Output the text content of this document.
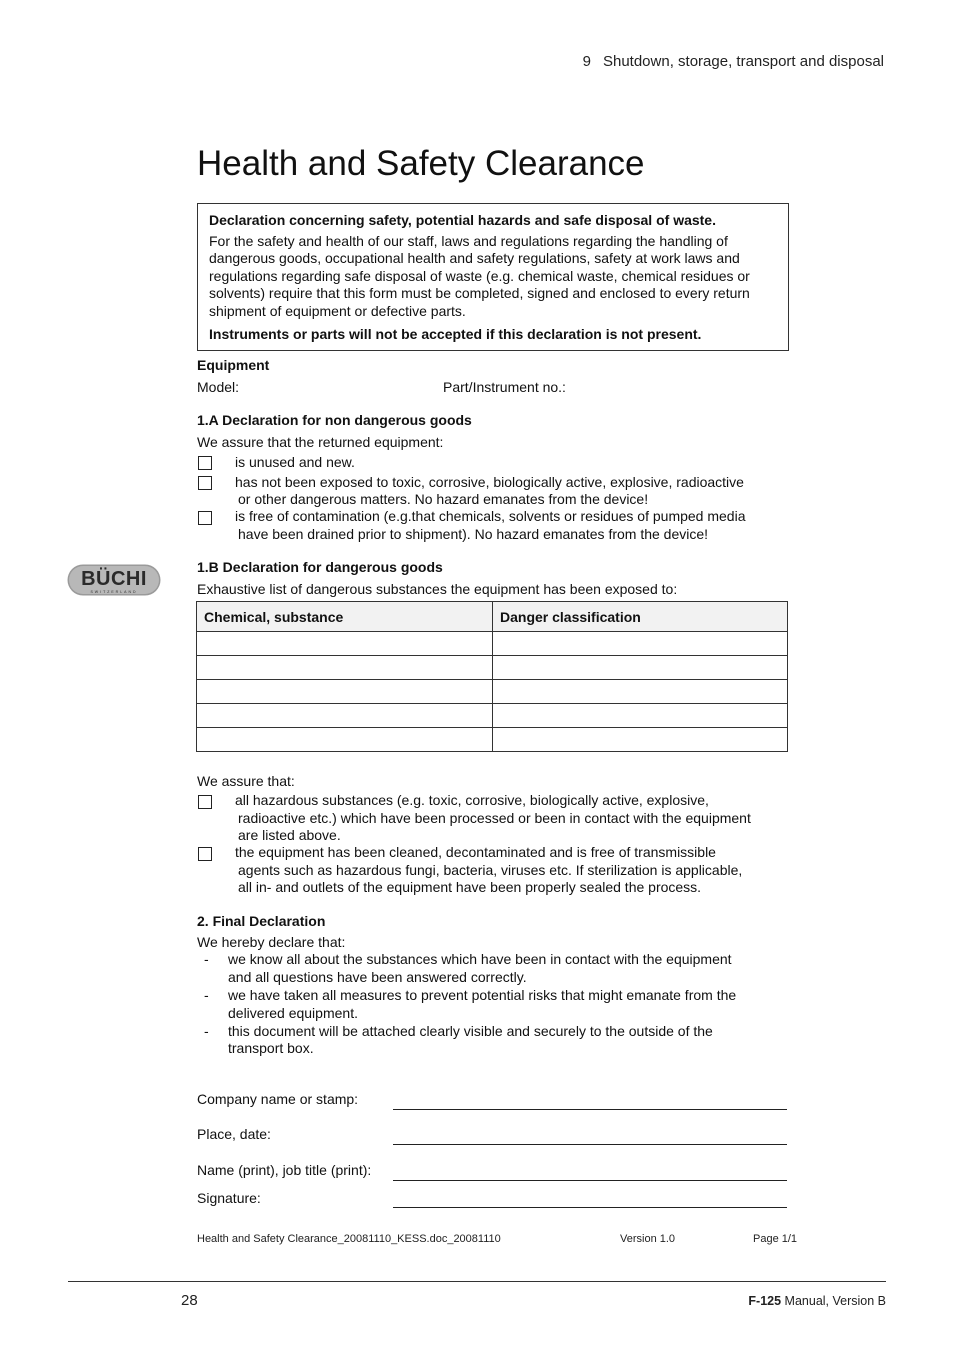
9 Shutdown, storage, transport and disposal
Health and Safety Clearance

Declaration concerning safety, potential hazards and safe disposal of waste.

For the safety and health of our staff, laws and regulations regarding the handling of dangerous goods, occupational health and safety regulations, safety at work laws and regulations regarding safe disposal of waste (e.g. chemical waste, chemical residues or solvents) require that this form must be completed, signed and enclosed to every return shipment of equipment or defective parts.

Instruments or parts will not be accepted if this declaration is not present.

Equipment
Model:	Part/Instrument no.:
1.A Declaration for non dangerous goods
We assure that the returned equipment:
is unused and new.
has not been exposed to toxic, corrosive, biologically active, explosive, radioactive
or other dangerous matters. No hazard emanates from the device!
is free of contamination (e.g.that chemicals, solvents or residues of pumped media
have been drained prior to shipment). No hazard emanates from the device!
BÜCHI
SWITZERLAND
1.B Declaration for dangerous goods
Exhaustive list of dangerous substances the equipment has been exposed to:
Chemical, substance	Danger classification

We assure that:
all hazardous substances (e.g. toxic, corrosive, biologically active, explosive,
radioactive etc.) which have been processed or been in contact with the equipment
are listed above.
the equipment has been cleaned, decontaminated and is free of transmissible
agents such as hazardous fungi, bacteria, viruses etc. If sterilization is applicable,
all in- and outlets of the equipment have been properly sealed the process.
2. Final Declaration
We hereby declare that:
- we know all about the substances which have been in contact with the equipment
and all questions have been answered correctly.
- we have taken all measures to prevent potential risks that might emanate from the
delivered equipment.
- this document will be attached clearly visible and securely to the outside of the
transport box.
Company name or stamp:
Place, date:
Name (print), job title (print):
Signature:
Health and Safety Clearance_20081110_KESS.doc_20081110	Version 1.0	Page 1/1
28	F-125 Manual, Version B
